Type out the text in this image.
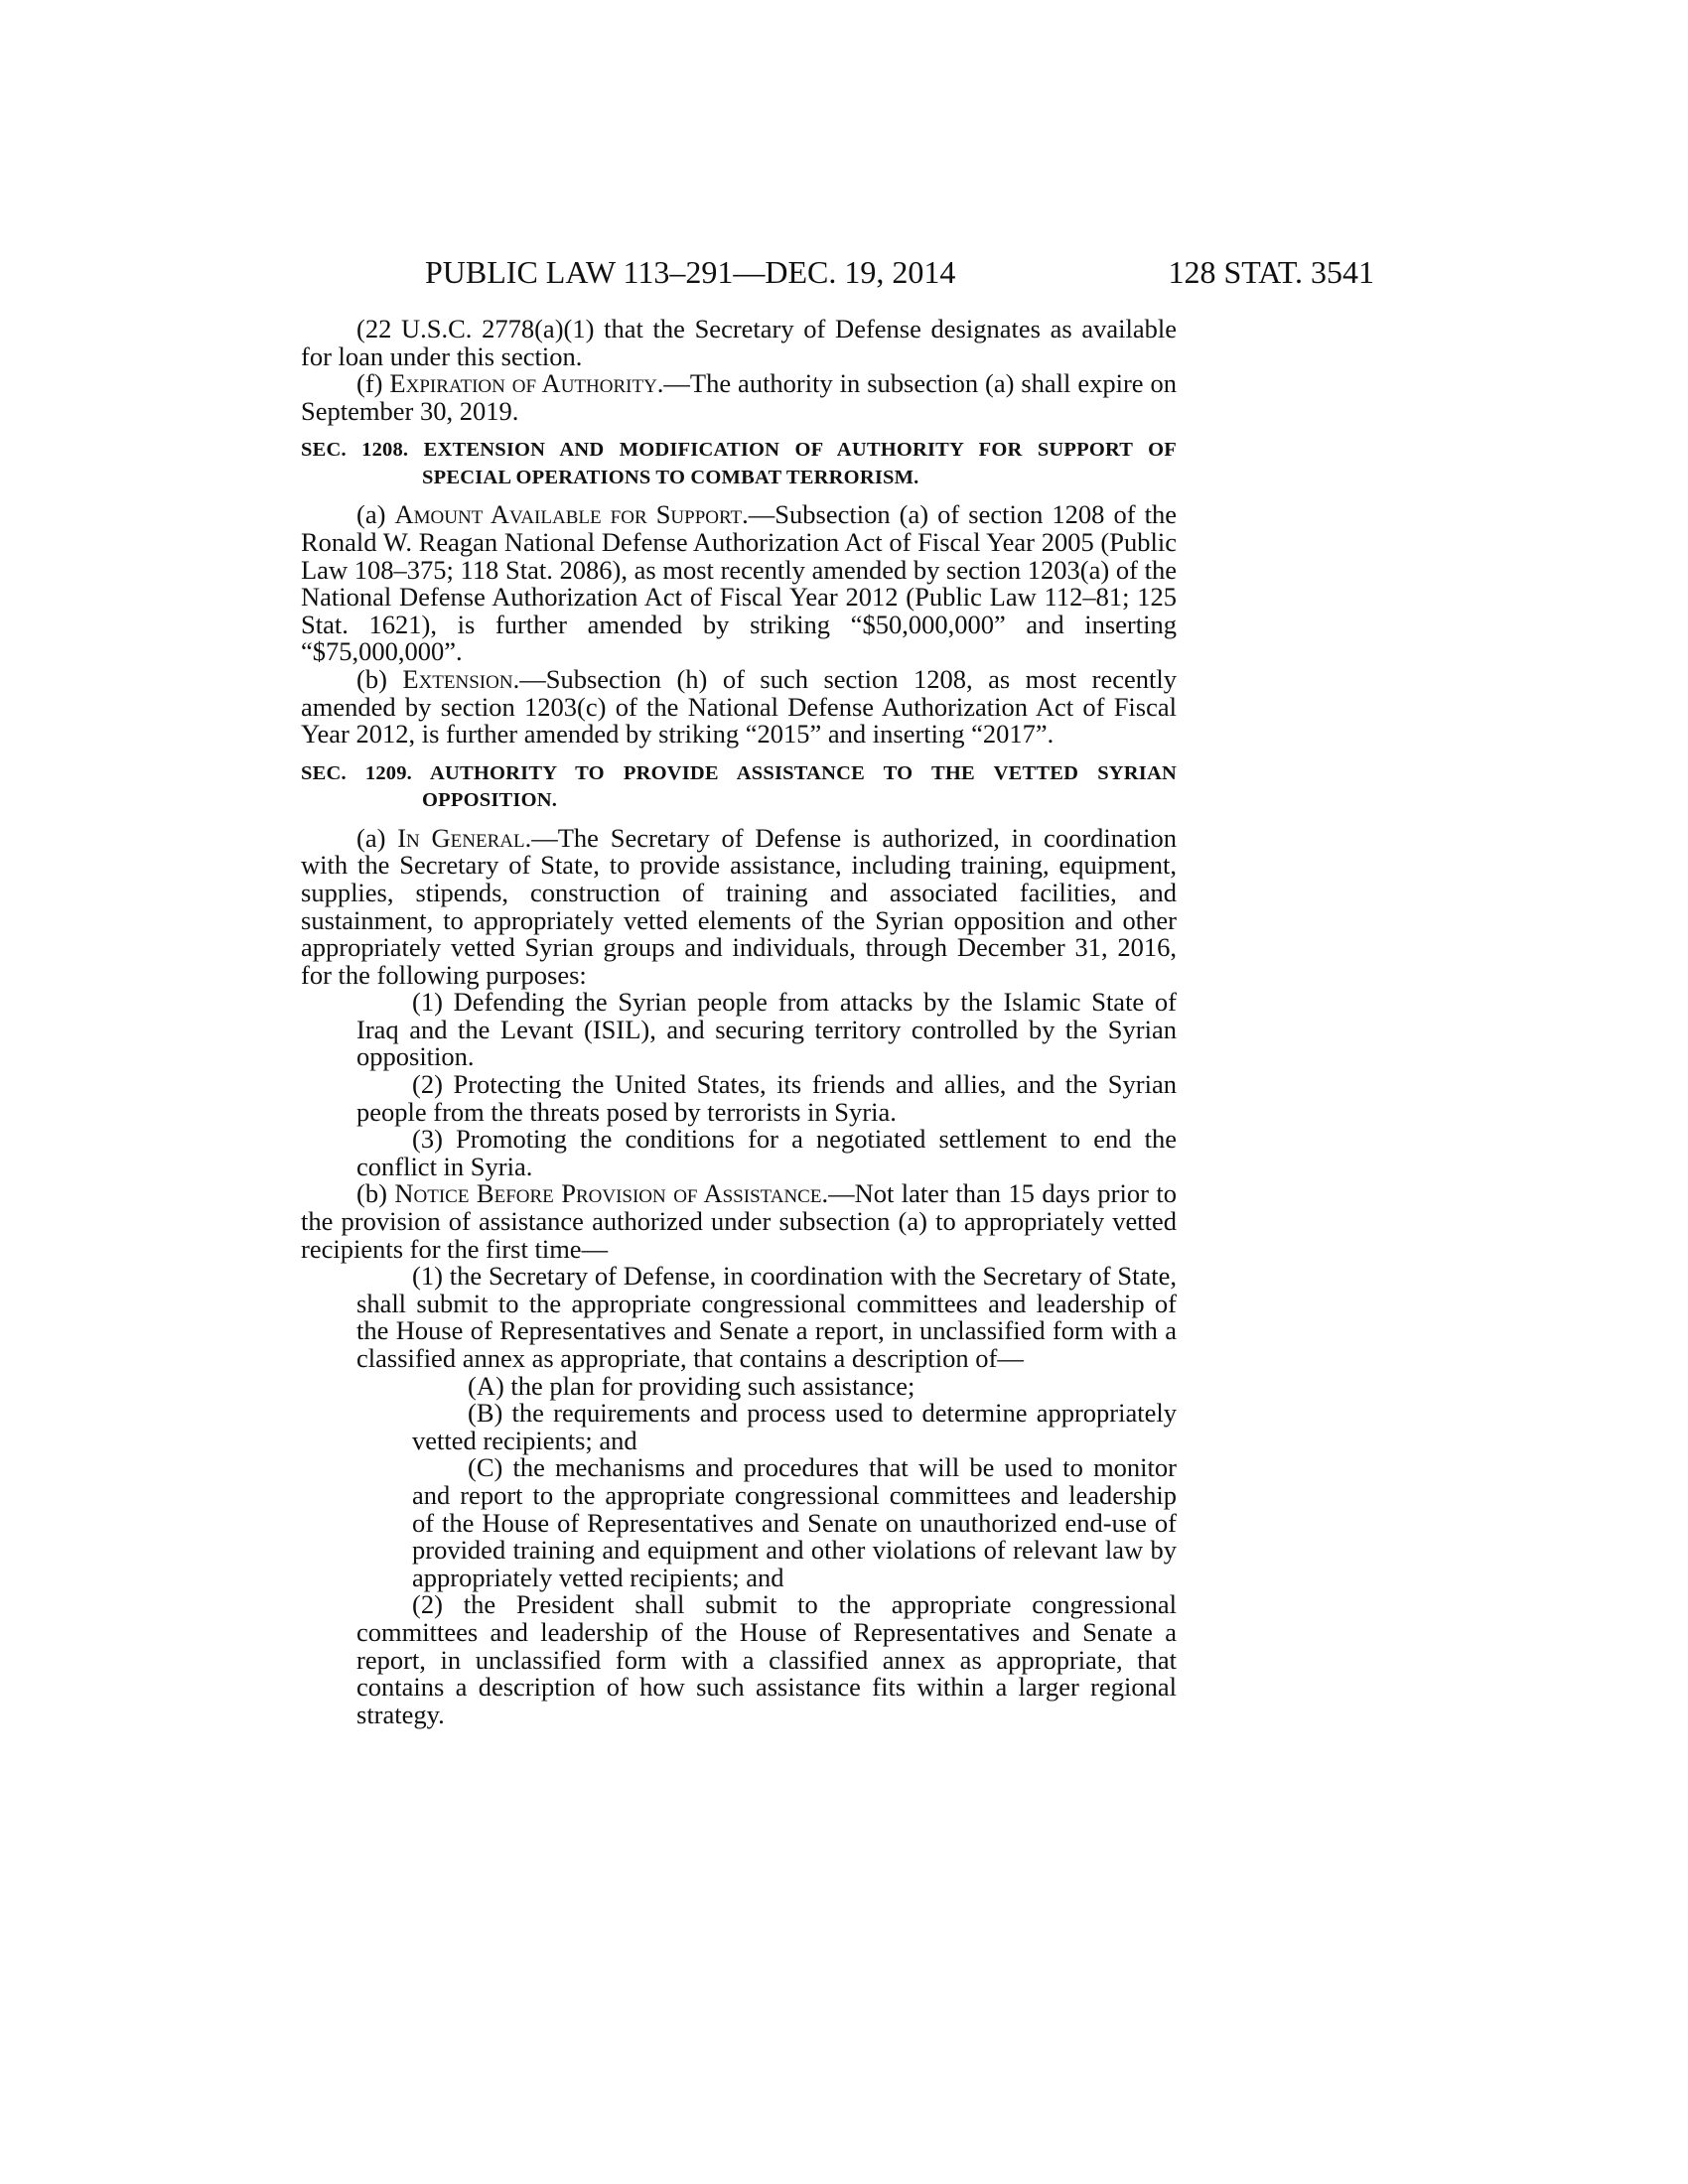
PUBLIC LAW 113–291—DEC. 19, 2014	128 STAT. 3541

(22 U.S.C. 2778(a)(1) that the Secretary of Defense designates as available for loan under this section.

(f) Expiration of Authority.—The authority in subsection (a) shall expire on September 30, 2019.

SEC. 1208. EXTENSION AND MODIFICATION OF AUTHORITY FOR SUPPORT OF SPECIAL OPERATIONS TO COMBAT TERRORISM.

(a) Amount Available for Support.—Subsection (a) of section 1208 of the Ronald W. Reagan National Defense Authorization Act of Fiscal Year 2005 (Public Law 108–375; 118 Stat. 2086), as most recently amended by section 1203(a) of the National Defense Authorization Act of Fiscal Year 2012 (Public Law 112–81; 125 Stat. 1621), is further amended by striking “$50,000,000” and inserting “$75,000,000”.

(b) Extension.—Subsection (h) of such section 1208, as most recently amended by section 1203(c) of the National Defense Authorization Act of Fiscal Year 2012, is further amended by striking “2015” and inserting “2017”.

SEC. 1209. AUTHORITY TO PROVIDE ASSISTANCE TO THE VETTED SYRIAN OPPOSITION.

(a) In General.—The Secretary of Defense is authorized, in coordination with the Secretary of State, to provide assistance, including training, equipment, supplies, stipends, construction of training and associated facilities, and sustainment, to appropriately vetted elements of the Syrian opposition and other appropriately vetted Syrian groups and individuals, through December 31, 2016, for the following purposes:

(1) Defending the Syrian people from attacks by the Islamic State of Iraq and the Levant (ISIL), and securing territory controlled by the Syrian opposition.

(2) Protecting the United States, its friends and allies, and the Syrian people from the threats posed by terrorists in Syria.

(3) Promoting the conditions for a negotiated settlement to end the conflict in Syria.

(b) Notice Before Provision of Assistance.—Not later than 15 days prior to the provision of assistance authorized under subsection (a) to appropriately vetted recipients for the first time—

(1) the Secretary of Defense, in coordination with the Secretary of State, shall submit to the appropriate congressional committees and leadership of the House of Representatives and Senate a report, in unclassified form with a classified annex as appropriate, that contains a description of—

(A) the plan for providing such assistance;

(B) the requirements and process used to determine appropriately vetted recipients; and

(C) the mechanisms and procedures that will be used to monitor and report to the appropriate congressional committees and leadership of the House of Representatives and Senate on unauthorized end-use of provided training and equipment and other violations of relevant law by appropriately vetted recipients; and

(2) the President shall submit to the appropriate congressional committees and leadership of the House of Representatives and Senate a report, in unclassified form with a classified annex as appropriate, that contains a description of how such assistance fits within a larger regional strategy.
